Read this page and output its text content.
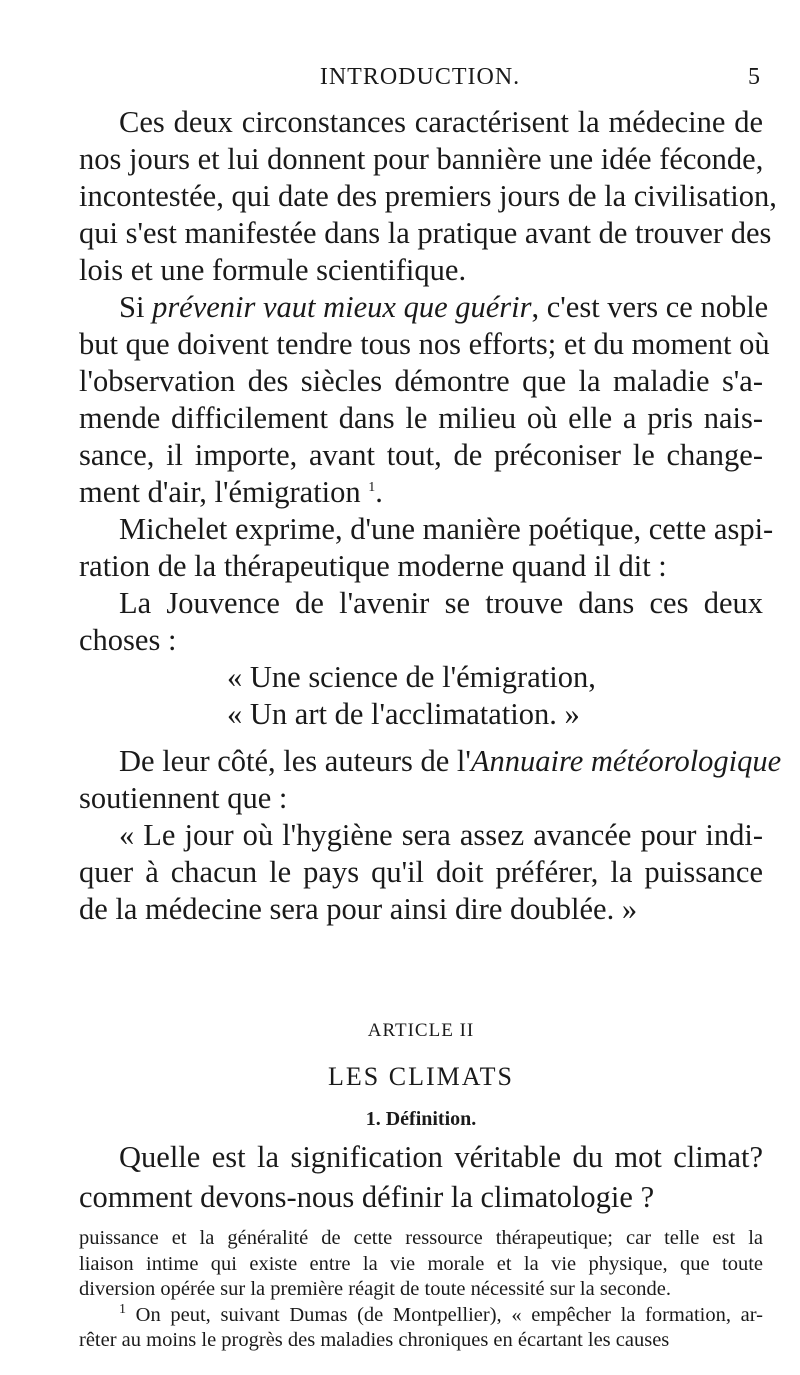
INTRODUCTION.	5
Ces deux circonstances caractérisent la médecine de
nos jours et lui donnent pour bannière une idée féconde,
incontestée, qui date des premiers jours de la civilisation,
qui s'est manifestée dans la pratique avant de trouver des
lois et une formule scientifique.
Si prévenir vaut mieux que guérir, c'est vers ce noble
but que doivent tendre tous nos efforts; et du moment où
l'observation des siècles démontre que la maladie s'a-
mende difficilement dans le milieu où elle a pris nais-
sance, il importe, avant tout, de préconiser le change-
ment d'air, l'émigration $^1$.
Michelet exprime, d'une manière poétique, cette aspi-
ration de la thérapeutique moderne quand il dit :
La Jouvence de l'avenir se trouve dans ces deux
choses :
« Une science de l'émigration,
« Un art de l'acclimatation. »
De leur côté, les auteurs de l'Annuaire météorologique
soutiennent que :
« Le jour où l'hygiène sera assez avancée pour indi-
quer à chacun le pays qu'il doit préférer, la puissance
de la médecine sera pour ainsi dire doublée. »
ARTICLE II
LES CLIMATS
1. Définition.
Quelle est la signification véritable du mot climat?
comment devons-nous définir la climatologie ?
puissance et la généralité de cette ressource thérapeutique; car telle est la
liaison intime qui existe entre la vie morale et la vie physique, que toute
diversion opérée sur la première réagit de toute nécessité sur la seconde.
$^1$ On peut, suivant Dumas (de Montpellier), « empêcher la formation, ar-
rêter au moins le progrès des maladies chroniques en écartant les causes
